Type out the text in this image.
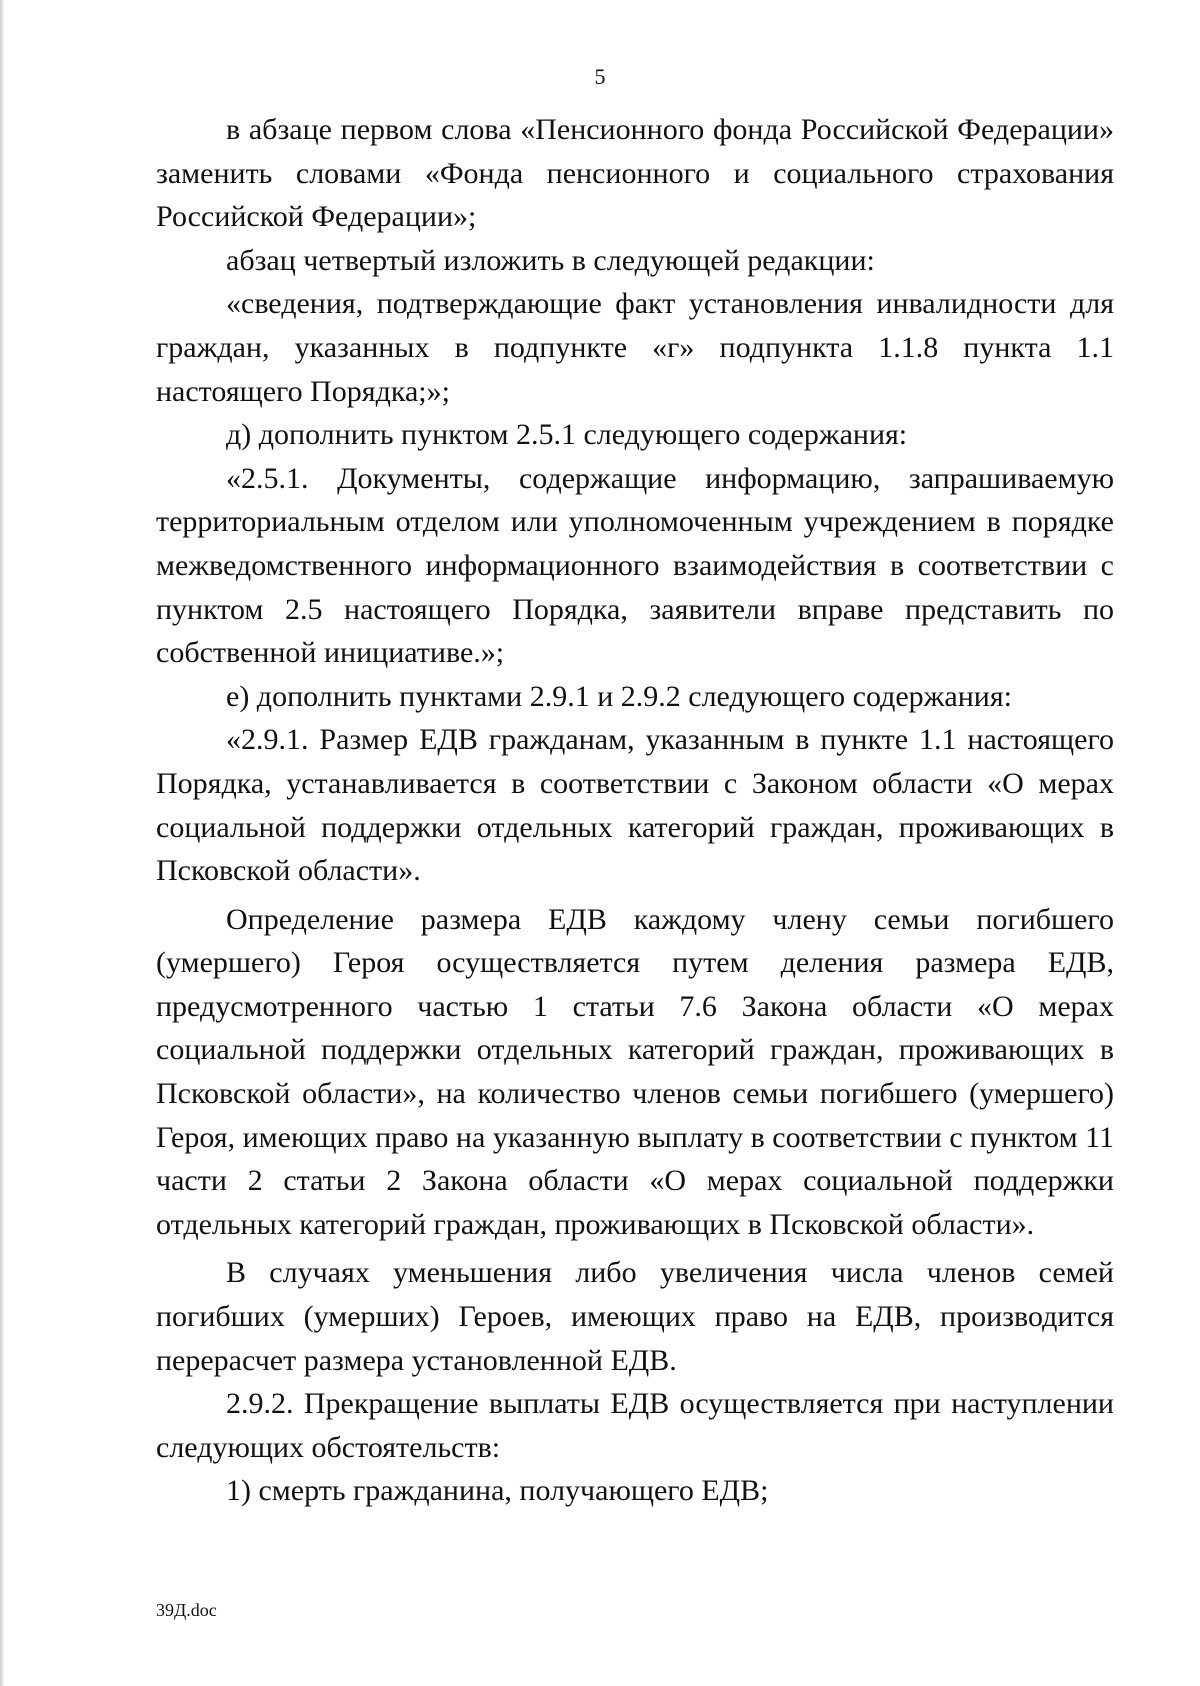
5

в абзаце первом слова «Пенсионного фонда Российской Федерации» заменить словами «Фонда пенсионного и социального страхования Российской Федерации»;

абзац четвертый изложить в следующей редакции:

«сведения, подтверждающие факт установления инвалидности для граждан, указанных в подпункте «г» подпункта 1.1.8 пункта 1.1 настоящего Порядка;»;

д) дополнить пунктом 2.5.1 следующего содержания:

«2.5.1. Документы, содержащие информацию, запрашиваемую территориальным отделом или уполномоченным учреждением в порядке межведомственного информационного взаимодействия в соответствии с пунктом 2.5 настоящего Порядка, заявители вправе представить по собственной инициативе.»;

е) дополнить пунктами 2.9.1 и 2.9.2 следующего содержания:

«2.9.1. Размер ЕДВ гражданам, указанным в пункте 1.1 настоящего Порядка, устанавливается в соответствии с Законом области «О мерах социальной поддержки отдельных категорий граждан, проживающих в Псковской области».

Определение размера ЕДВ каждому члену семьи погибшего (умершего) Героя осуществляется путем деления размера ЕДВ, предусмотренного частью 1 статьи 7.6 Закона области «О мерах социальной поддержки отдельных категорий граждан, проживающих в Псковской области», на количество членов семьи погибшего (умершего) Героя, имеющих право на указанную выплату в соответствии с пунктом 11 части 2 статьи 2 Закона области «О мерах социальной поддержки отдельных категорий граждан, проживающих в Псковской области».

В случаях уменьшения либо увеличения числа членов семей погибших (умерших) Героев, имеющих право на ЕДВ, производится перерасчет размера установленной ЕДВ.

2.9.2. Прекращение выплаты ЕДВ осуществляется при наступлении следующих обстоятельств:

1) смерть гражданина, получающего ЕДВ;

39Д.doc
